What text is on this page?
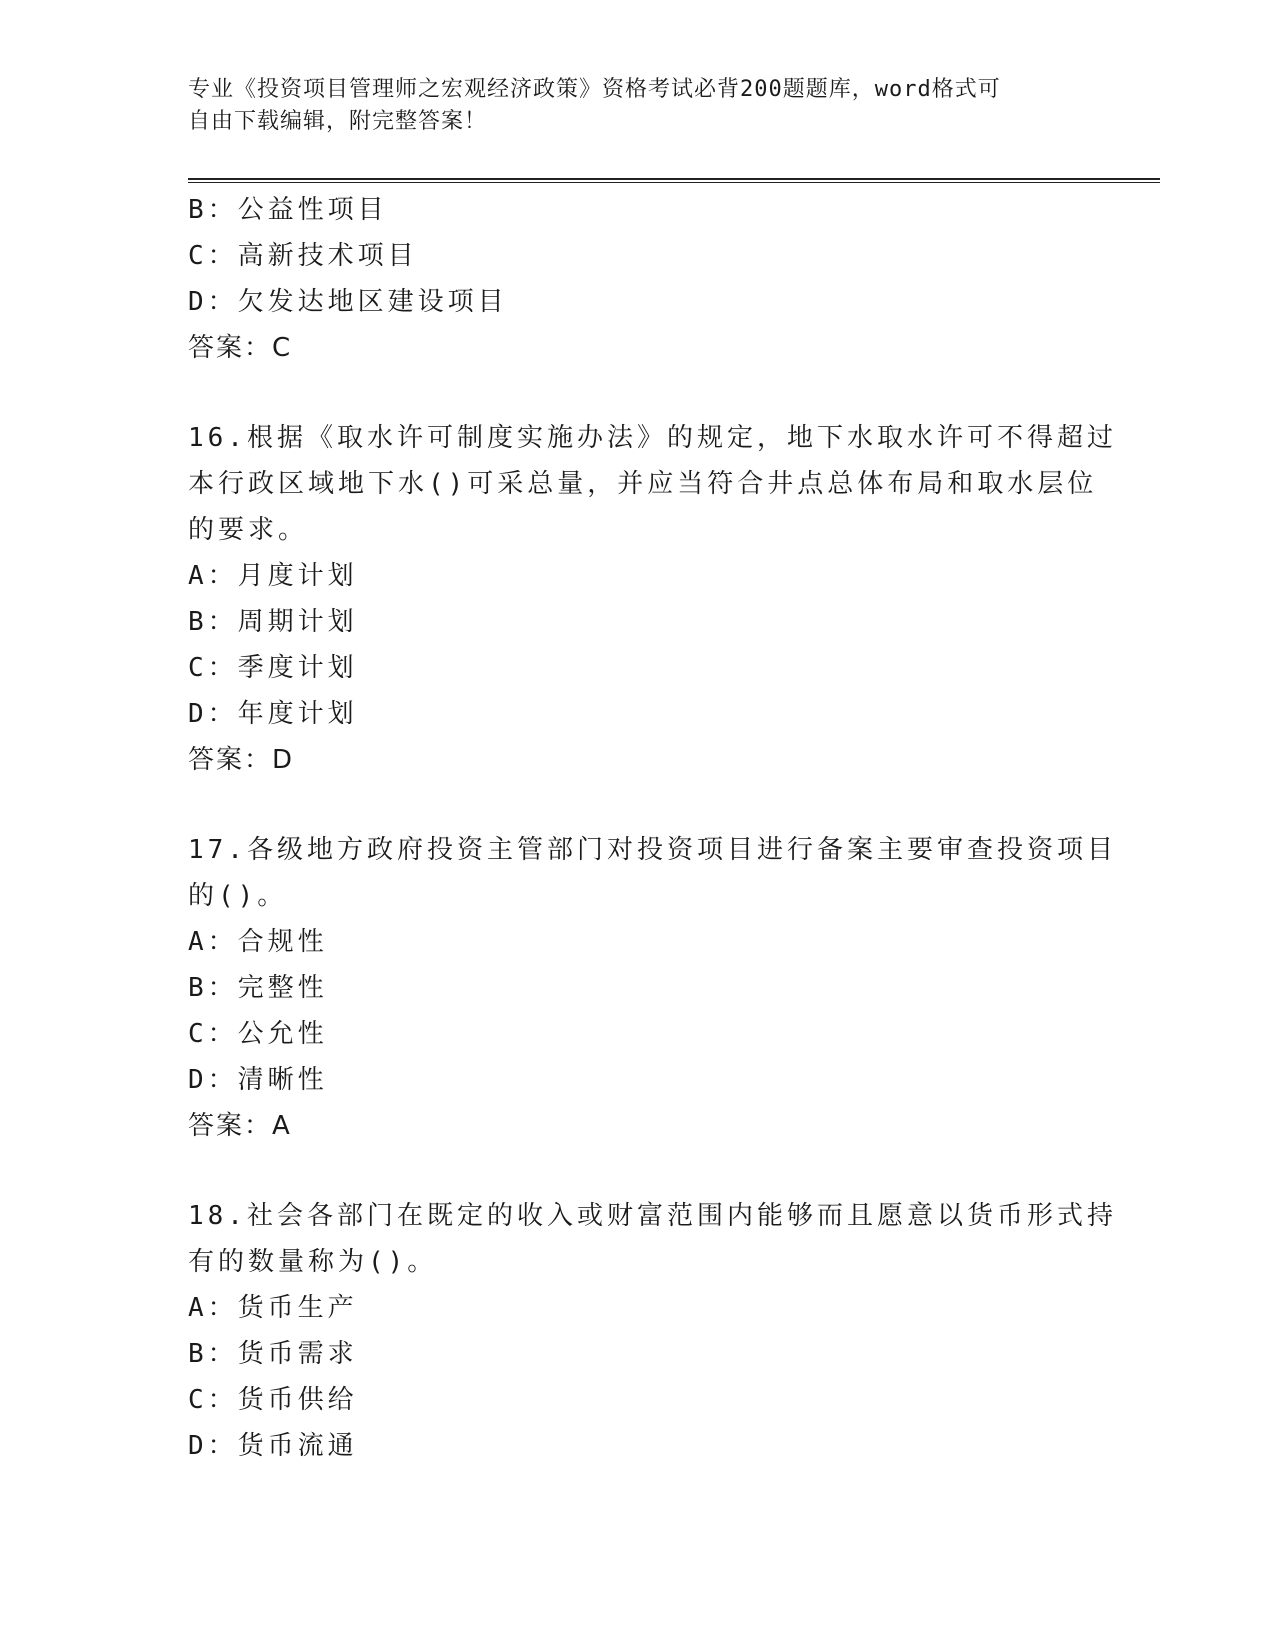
专业《投资项目管理师之宏观经济政策》资格考试必背200题题库，word格式可
自由下载编辑，附完整答案！
B：公益性项目
C：高新技术项目
D：欠发达地区建设项目
答案：C
16.根据《取水许可制度实施办法》的规定，地下水取水许可不得超过
本行政区域地下水()可采总量，并应当符合井点总体布局和取水层位
的要求。
A：月度计划
B：周期计划
C：季度计划
D：年度计划
答案：D
17.各级地方政府投资主管部门对投资项目进行备案主要审查投资项目
的()。
A：合规性
B：完整性
C：公允性
D：清晰性
答案：A
18.社会各部门在既定的收入或财富范围内能够而且愿意以货币形式持
有的数量称为()。
A：货币生产
B：货币需求
C：货币供给
D：货币流通
